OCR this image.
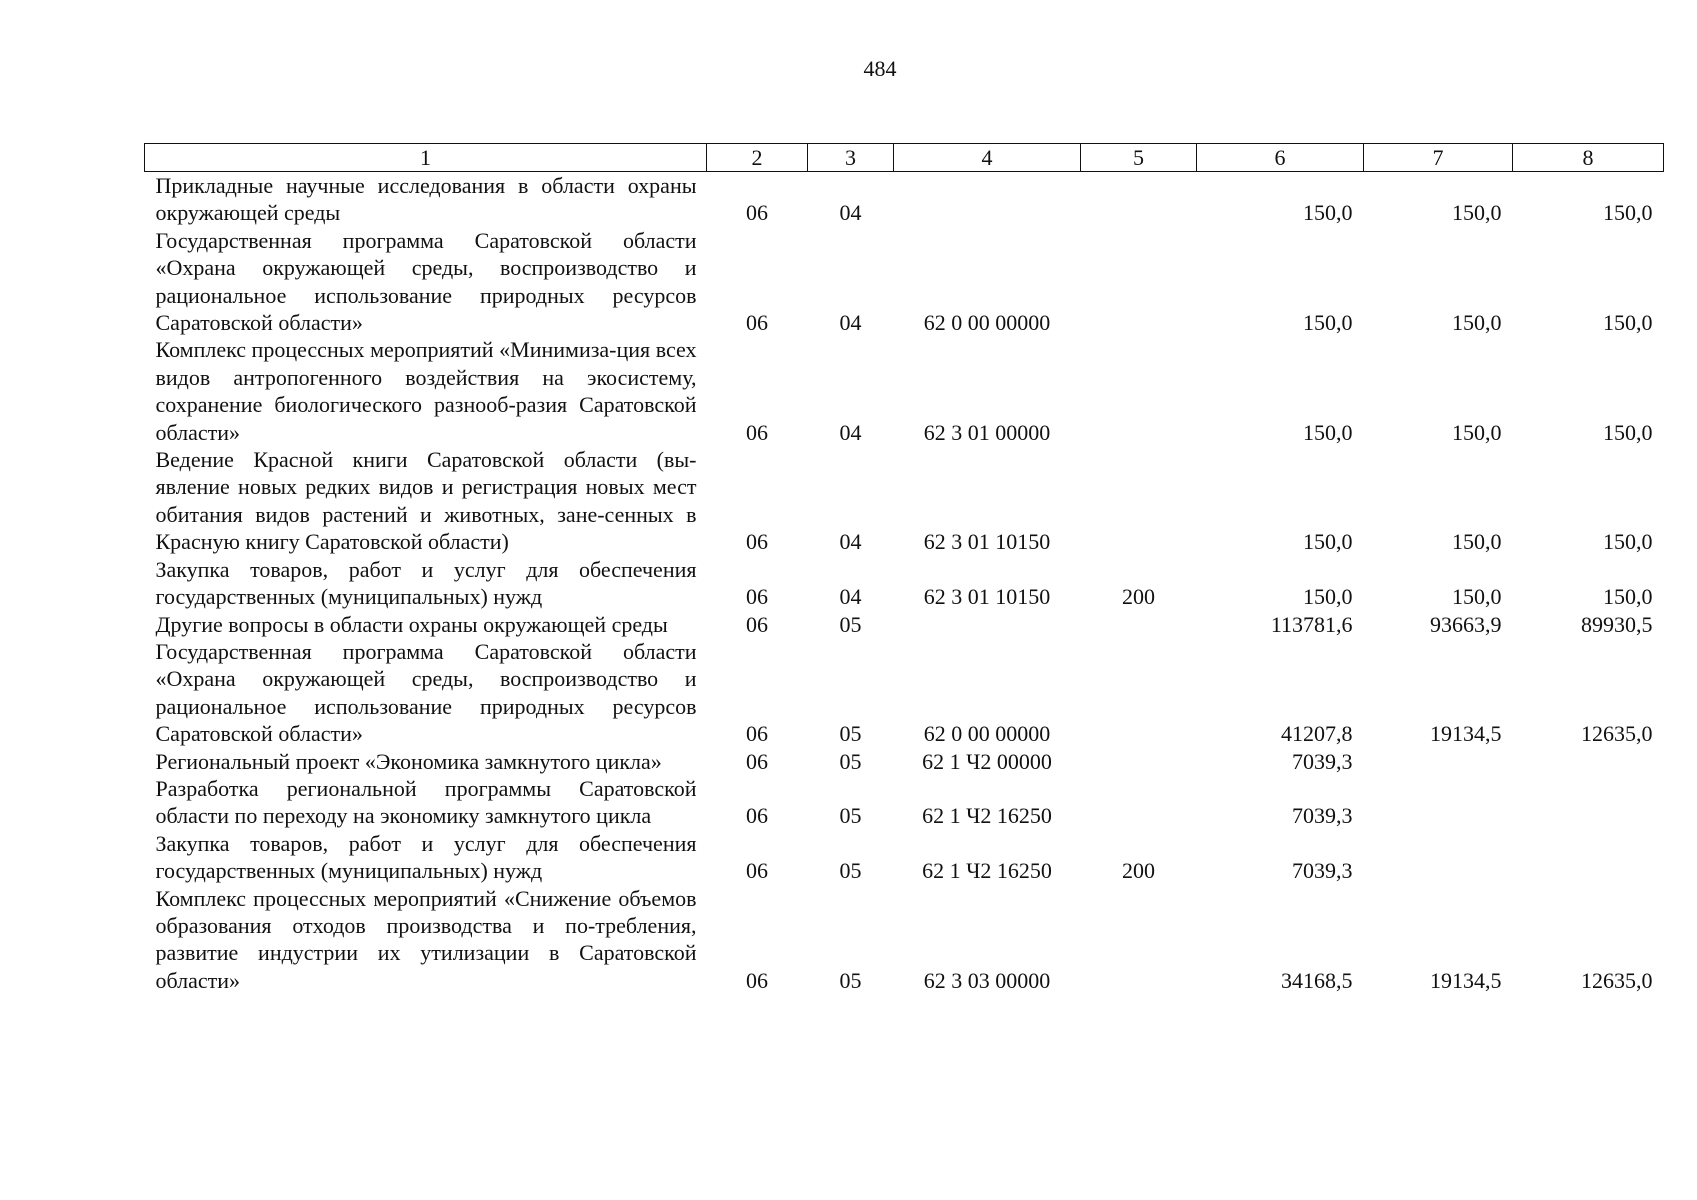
484
1	2	3	4	5	6	7	8
Прикладные научные исследования в области охраны окружающей среды	06	04			150,0	150,0	150,0
Государственная программа Саратовской области «Охрана окружающей среды, воспроизводство и рациональное использование природных ресурсов Саратовской области»	06	04	62 0 00 00000		150,0	150,0	150,0
Комплекс процессных мероприятий «Минимиза-ция всех видов антропогенного воздействия на экосистему, сохранение биологического разнооб-разия Саратовской области»	06	04	62 3 01 00000		150,0	150,0	150,0
Ведение Красной книги Саратовской области (вы-явление новых редких видов и регистрация новых мест обитания видов растений и животных, зане-сенных в Красную книгу Саратовской области)	06	04	62 3 01 10150		150,0	150,0	150,0
Закупка товаров, работ и услуг для обеспечения государственных (муниципальных) нужд	06	04	62 3 01 10150	200	150,0	150,0	150,0
Другие вопросы в области охраны окружающей среды	06	05			113781,6	93663,9	89930,5
Государственная программа Саратовской области «Охрана окружающей среды, воспроизводство и рациональное использование природных ресурсов Саратовской области»	06	05	62 0 00 00000		41207,8	19134,5	12635,0
Региональный проект «Экономика замкнутого цикла»	06	05	62 1 Ч2 00000		7039,3		
Разработка региональной программы Саратовской области по переходу на экономику замкнутого цикла	06	05	62 1 Ч2 16250		7039,3		
Закупка товаров, работ и услуг для обеспечения государственных (муниципальных) нужд	06	05	62 1 Ч2 16250	200	7039,3		
Комплекс процессных мероприятий «Снижение объемов образования отходов производства и по-требления, развитие индустрии их утилизации в Саратовской области»	06	05	62 3 03 00000		34168,5	19134,5	12635,0
